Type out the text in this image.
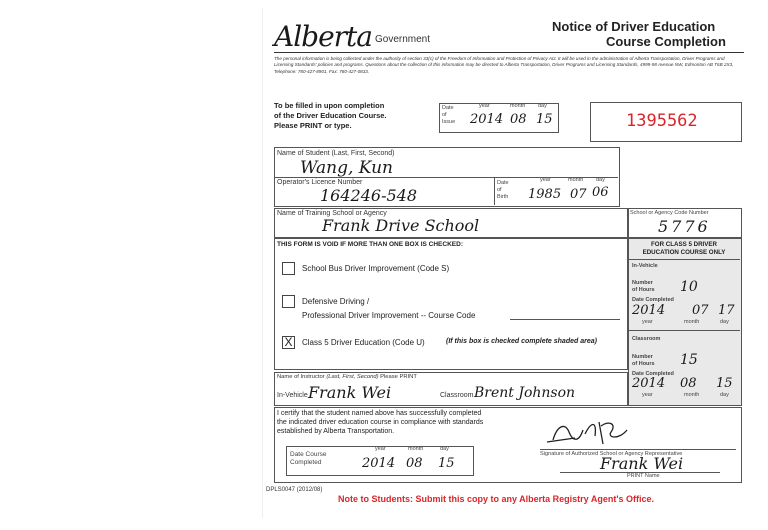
Alberta Government
Notice of Driver Education
Course Completion
The personal information is being collected under the authority of section 33(c) of the Freedom of Information and Protection of Privacy Act. It will be used in the administration of Alberta Transportation, Driver Programs and Licensing Standards' policies and programs. Questions about the collection of this information may be directed to Alberta Transportation, Driver Programs and Licensing Standards, 4999-98 Avenue NW, Edmonton AB T6B 2X3, Telephone: 780-427-8901, Fax: 780-427-0833.
To be filled in upon completion
of the Driver Education Course.
Please PRINT or type.
Date
of
Issue
year	month day
2014 08 15	1395562
Name of Student (Last, First, Second)
Wang, Kun
Operator's Licence Number
164246-548
Date
of
Birth
year	month day
1985 07 06
Name of Training School or Agency
Frank Drive School
School or Agency Code Number
5776
THIS FORM IS VOID IF MORE THAN ONE BOX IS CHECKED:
School Bus Driver Improvement (Code S)
Defensive Driving /
Professional Driver Improvement -- Course Code
X	Class 5 Driver Education (Code U)	(If this box is checked complete shaded area)
FOR CLASS 5 DRIVER
EDUCATION COURSE ONLY
In-Vehicle
Number
of Hours 10
Date Completed
2014 07 17
year	month	day
Classroom
Number
of Hours 15
Date Completed
2014 08 15
year	month	day
Name of Instructor (Last, First, Second) Please PRINT
In-Vehicle Frank Wei	Classroom Brent Johnson
I certify that the student named above has successfully completed
the indicated driver education course in compliance with standards
established by Alberta Transportation.
Date Course
Completed
year	month	day
2014 08 15
Signature of Authorized School or Agency Representative
Frank Wei
PRINT Name
DPLS0047 (2012/08)
Note to Students: Submit this copy to any Alberta Registry Agent's Office.
